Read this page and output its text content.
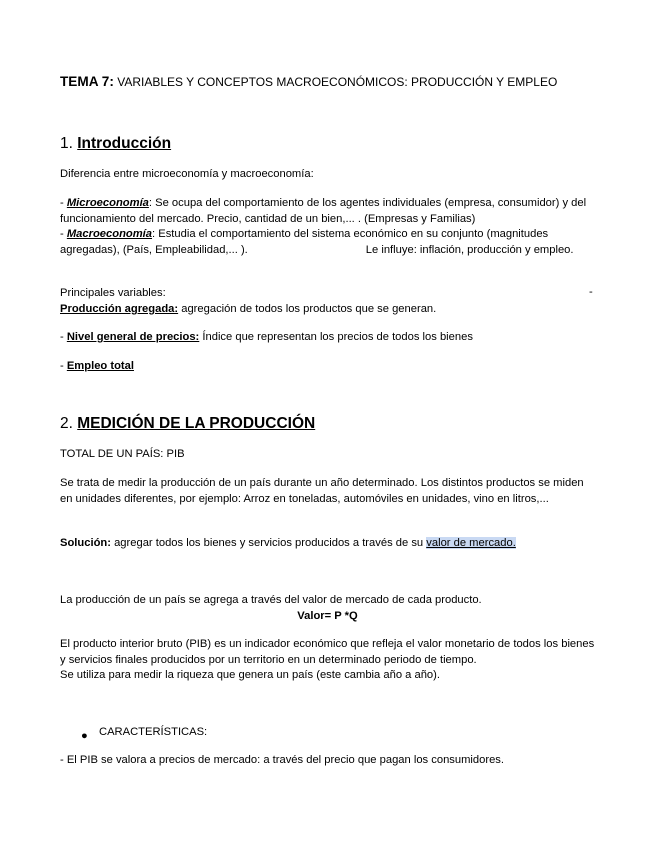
TEMA 7: VARIABLES Y CONCEPTOS MACROECONÓMICOS: PRODUCCIÓN Y EMPLEO
1. Introducción
Diferencia entre microeconomía y macroeconomía:
- Microeconomía: Se ocupa del comportamiento de los agentes individuales (empresa, consumidor) y del funcionamiento del mercado. Precio, cantidad de un bien,... . (Empresas y Familias)
- Macroeconomía: Estudia el comportamiento del sistema económico en su conjunto (magnitudes agregadas), (País, Empleabilidad,... ).	Le influye: inflación, producción y empleo.
Principales variables:	-
Producción agregada: agregación de todos los productos que se generan.
- Nivel general de precios: Índice que representan los precios de todos los bienes
- Empleo total
2. MEDICIÓN DE LA PRODUCCIÓN
TOTAL DE UN PAÍS: PIB
Se trata de medir la producción de un país durante un año determinado. Los distintos productos se miden en unidades diferentes, por ejemplo: Arroz en toneladas, automóviles en unidades, vino en litros,...
Solución: agregar todos los bienes y servicios producidos a través de su valor de mercado.
La producción de un país se agrega a través del valor de mercado de cada producto.
Valor= P *Q
El producto interior bruto (PIB) es un indicador económico que refleja el valor monetario de todos los bienes y servicios finales producidos por un territorio en un determinado periodo de tiempo.
Se utiliza para medir la riqueza que genera un país (este cambia año a año).
● CARACTERÍSTICAS:
- El PIB se valora a precios de mercado: a través del precio que pagan los consumidores.
